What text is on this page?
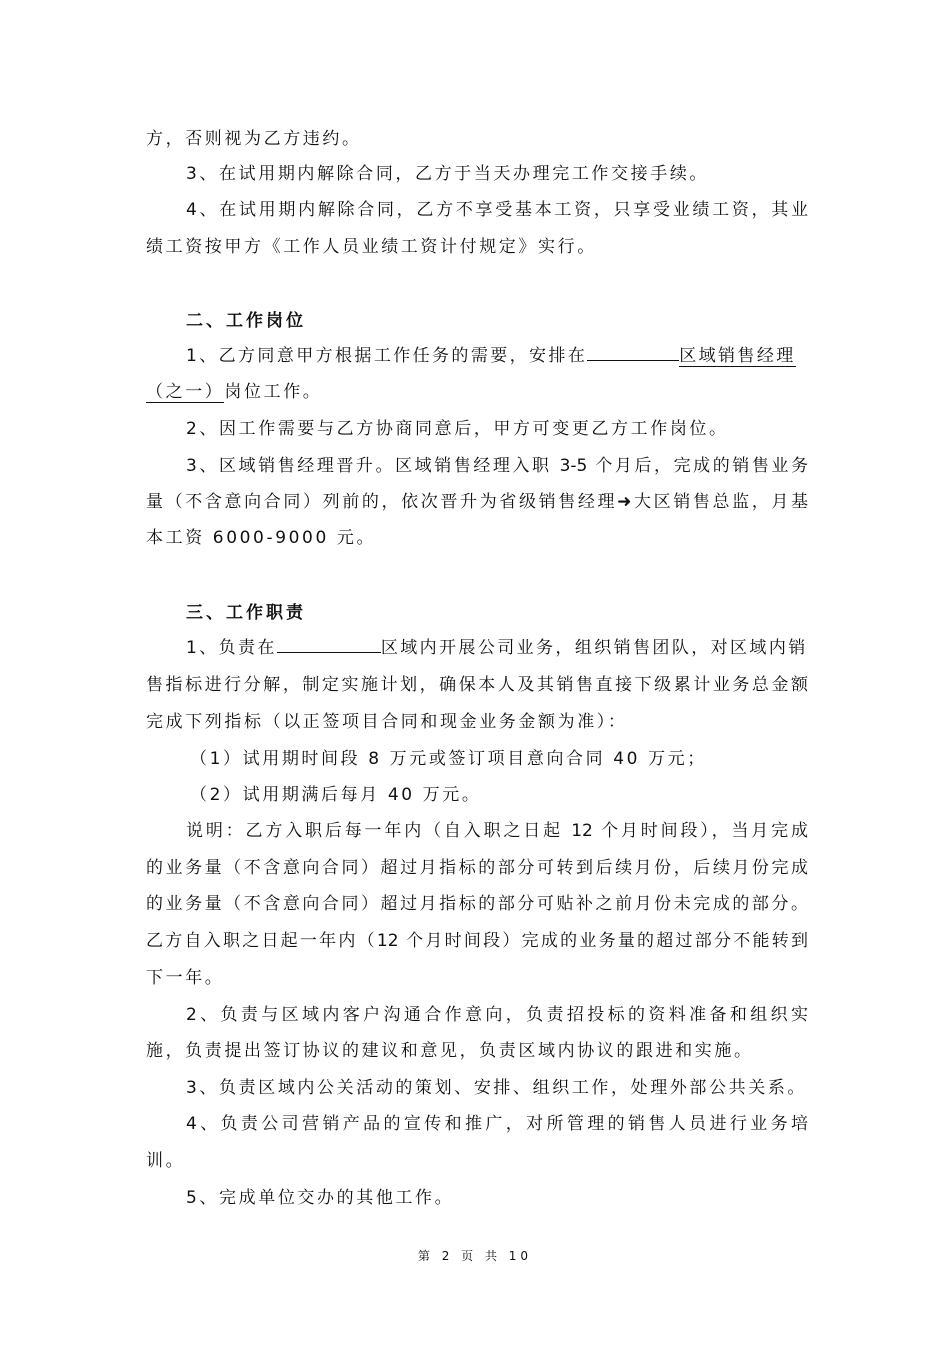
方，否则视为乙方违约。
3、在试用期内解除合同，乙方于当天办理完工作交接手续。
4、在试用期内解除合同，乙方不享受基本工资，只享受业绩工资，其业
绩工资按甲方《工作人员业绩工资计付规定》实行。
二、工作岗位
1、乙方同意甲方根据工作任务的需要，安排在	区域销售经理
（之一）岗位工作。
2、因工作需要与乙方协商同意后，甲方可变更乙方工作岗位。
3、区域销售经理晋升。区域销售经理入职 3-5 个月后，完成的销售业务
量（不含意向合同）列前的，依次晋升为省级销售经理➜大区销售总监，月基
本工资 6000-9000 元。
三、工作职责
1、负责在	区域内开展公司业务，组织销售团队，对区域内销
售指标进行分解，制定实施计划，确保本人及其销售直接下级累计业务总金额
完成下列指标（以正签项目合同和现金业务金额为准）：
（1）试用期时间段 8 万元或签订项目意向合同 40 万元；
（2）试用期满后每月 40 万元。
说明：乙方入职后每一年内（自入职之日起 12 个月时间段），当月完成
的业务量（不含意向合同）超过月指标的部分可转到后续月份，后续月份完成
的业务量（不含意向合同）超过月指标的部分可贴补之前月份未完成的部分。
乙方自入职之日起一年内（12 个月时间段）完成的业务量的超过部分不能转到
下一年。
2、负责与区域内客户沟通合作意向，负责招投标的资料准备和组织实
施，负责提出签订协议的建议和意见，负责区域内协议的跟进和实施。
3、负责区域内公关活动的策划、安排、组织工作，处理外部公共关系。
4、负责公司营销产品的宣传和推广，对所管理的销售人员进行业务培
训。
5、完成单位交办的其他工作。
第 2 页 共 10
